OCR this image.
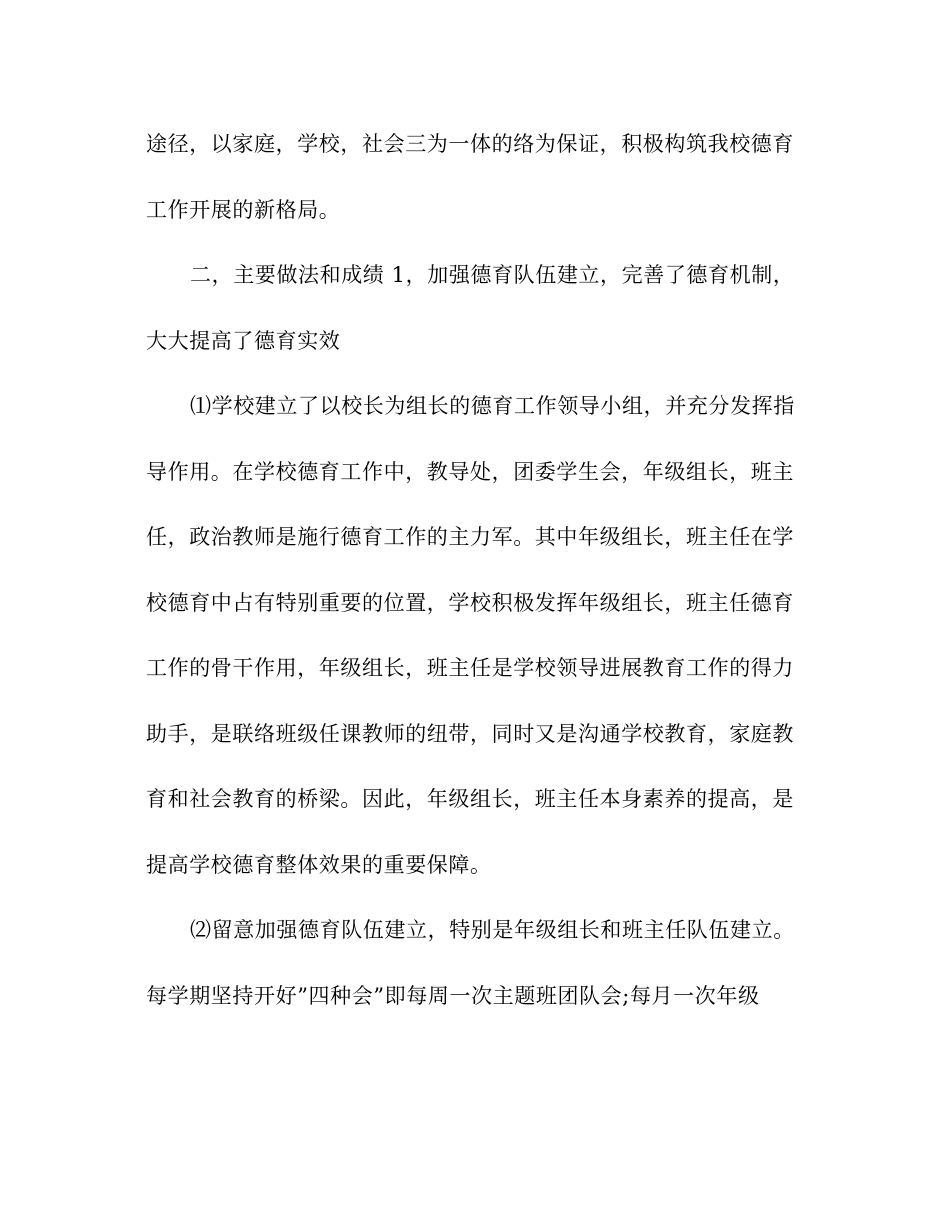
途径，以家庭，学校，社会三为一体的络为保证，积极构筑我校德育
工作开展的新格局。
二，主要做法和成绩 1，加强德育队伍建立，完善了德育机制，
大大提高了德育实效
⑴学校建立了以校长为组长的德育工作领导小组，并充分发挥指
导作用。在学校德育工作中，教导处，团委学生会，年级组长，班主
任，政治教师是施行德育工作的主力军。其中年级组长，班主任在学
校德育中占有特别重要的位置，学校积极发挥年级组长，班主任德育
工作的骨干作用，年级组长，班主任是学校领导进展教育工作的得力
助手，是联络班级任课教师的纽带，同时又是沟通学校教育，家庭教
育和社会教育的桥梁。因此，年级组长，班主任本身素养的提高，是
提高学校德育整体效果的重要保障。
⑵留意加强德育队伍建立，特别是年级组长和班主任队伍建立。
每学期坚持开好”四种会”即每周一次主题班团队会;每月一次年级
